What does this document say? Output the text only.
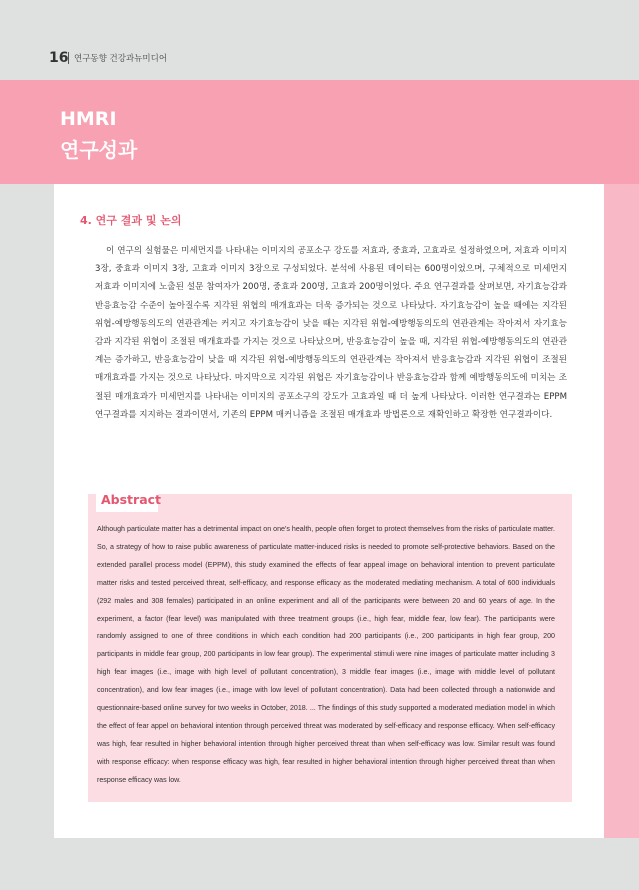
16 연구동향 건강과뉴미디어
HMRI
연구성과
4. 연구 결과 및 논의
이 연구의 실험물은 미세먼지를 나타내는 이미지의 공포소구 강도를 저효과, 중효과, 고효과로 설정하였으며, 저효과 이미지 3장, 중효과 이미지 3장, 고효과 이미지 3장으로 구성되었다. 분석에 사용된 데이터는 600명이었으며, 구체적으로 미세먼지 저효과 이미지에 노출된 설문 참여자가 200명, 중효과 200명, 고효과 200명이었다. 주요 연구결과를 살펴보면, 자기효능감과 반응효능감 수준이 높아질수록 지각된 위협의 매개효과는 더욱 증가되는 것으로 나타났다. 자기효능감이 높을 때에는 지각된 위협-예방행동의도의 연관관계는 커지고 자기효능감이 낮을 때는 지각된 위협-예방행동의도의 연관관계는 작아져서 자기효능감과 지각된 위협이 조절된 매개효과를 가지는 것으로 나타났으며, 반응효능감이 높을 때, 지각된 위협-예방행동의도의 연관관계는 증가하고, 반응효능감이 낮을 때 지각된 위협-예방행동의도의 연관관계는 작아져서 반응효능감과 지각된 위협이 조절된 매개효과를 가지는 것으로 나타났다. 마지막으로 지각된 위협은 자기효능감이나 반응효능감과 함께 예방행동의도에 미치는 조절된 매개효과가 미세먼지를 나타내는 이미지의 공포소구의 강도가 고효과일 때 더 높게 나타났다. 이러한 연구결과는 EPPM 연구결과를 지지하는 결과이면서, 기존의 EPPM 매커니즘을 조절된 매개효과 방법론으로 재확인하고 확장한 연구결과이다.
Abstract
Although particulate matter has a detrimental impact on one's health, people often forget to protect themselves from the risks of particulate matter. So, a strategy of how to raise public awareness of particulate matter-induced risks is needed to promote self-protective behaviors. Based on the extended parallel process model (EPPM), this study examined the effects of fear appeal image on behavioral intention to prevent particulate matter risks and tested perceived threat, self-efficacy, and response efficacy as the moderated mediating mechanism. A total of 600 individuals (292 males and 308 females) participated in an online experiment and all of the participants were between 20 and 60 years of age. In the experiment, a factor (fear level) was manipulated with three treatment groups (i.e., high fear, middle fear, low fear). The participants were randomly assigned to one of three conditions in which each condition had 200 participants (i.e., 200 participants in high fear group, 200 participants in middle fear group, 200 participants in low fear group). The experimental stimuli were nine images of particulate matter including 3 high fear images (i.e., image with high level of pollutant concentration), 3 middle fear images (i.e., image with middle level of pollutant concentration), and low fear images (i.e., image with low level of pollutant concentration). Data had been collected through a nationwide and questionnaire-based online survey for two weeks in October, 2018. ... The findings of this study supported a moderated mediation model in which the effect of fear appel on behavioral intention through perceived threat was moderated by self-efficacy and response efficacy. When self-efficacy was high, fear resulted in higher behavioral intention through higher perceived threat than when self-efficacy was low. Similar result was found with response efficacy: when response efficacy was high, fear resulted in higher behavioral intention through higher perceived threat than when response efficacy was low.
